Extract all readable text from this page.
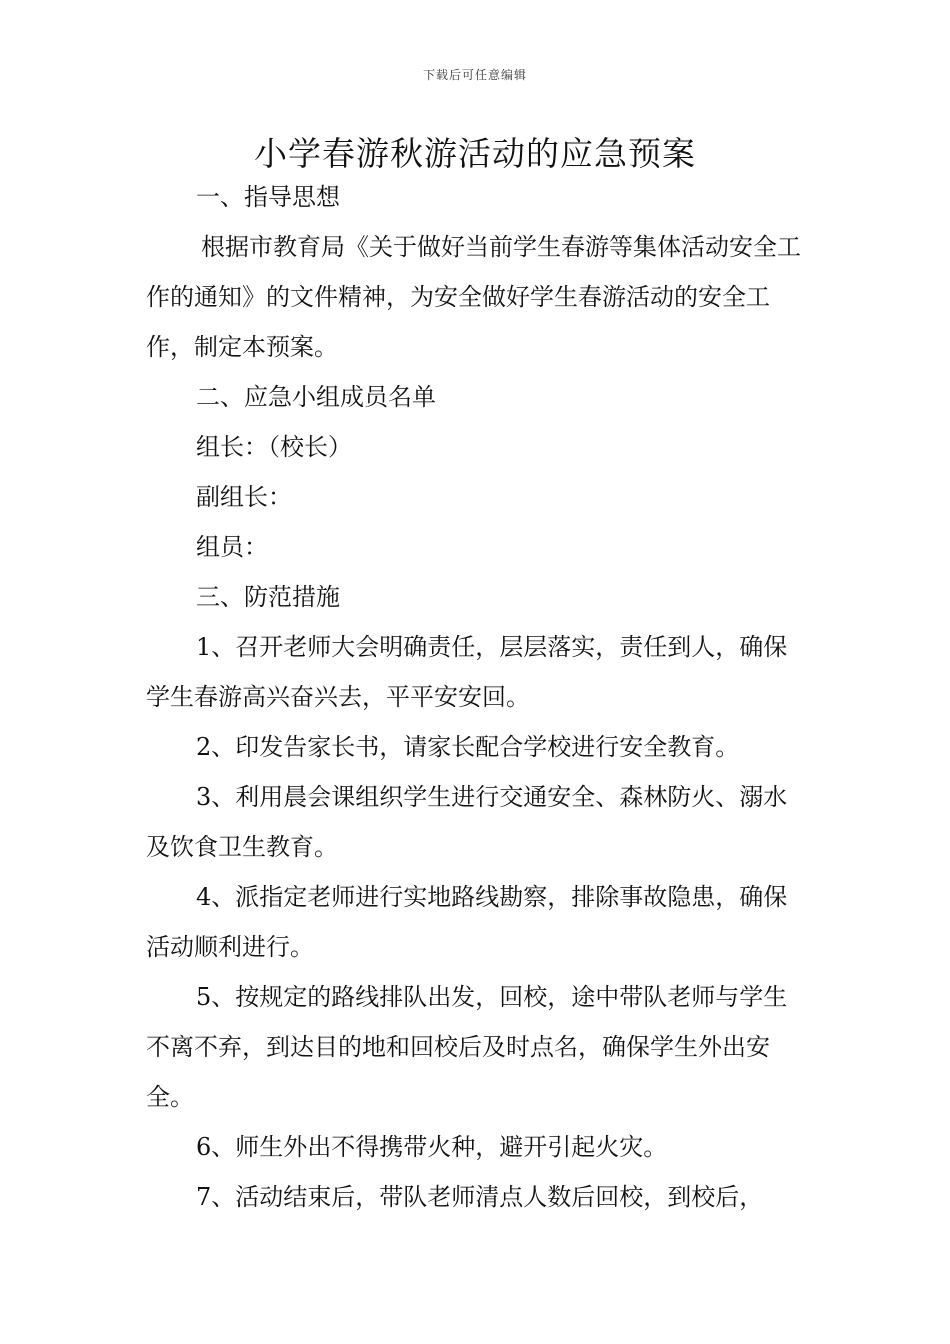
下载后可任意编辑
小学春游秋游活动的应急预案

一、指导思想

根据市教育局《关于做好当前学生春游等集体活动安全工作的通知》的文件精神，为安全做好学生春游活动的安全工作，制定本预案。

二、应急小组成员名单

组长：（校长）

副组长：

组员：

三、防范措施

1、召开老师大会明确责任，层层落实，责任到人，确保学生春游高兴奋兴去，平平安安回。

2、印发告家长书，请家长配合学校进行安全教育。

3、利用晨会课组织学生进行交通安全、森林防火、溺水及饮食卫生教育。

4、派指定老师进行实地路线勘察，排除事故隐患，确保活动顺利进行。

5、按规定的路线排队出发，回校，途中带队老师与学生不离不弃，到达目的地和回校后及时点名，确保学生外出安全。

6、师生外出不得携带火种，避开引起火灾。

7、活动结束后，带队老师清点人数后回校，到校后，
